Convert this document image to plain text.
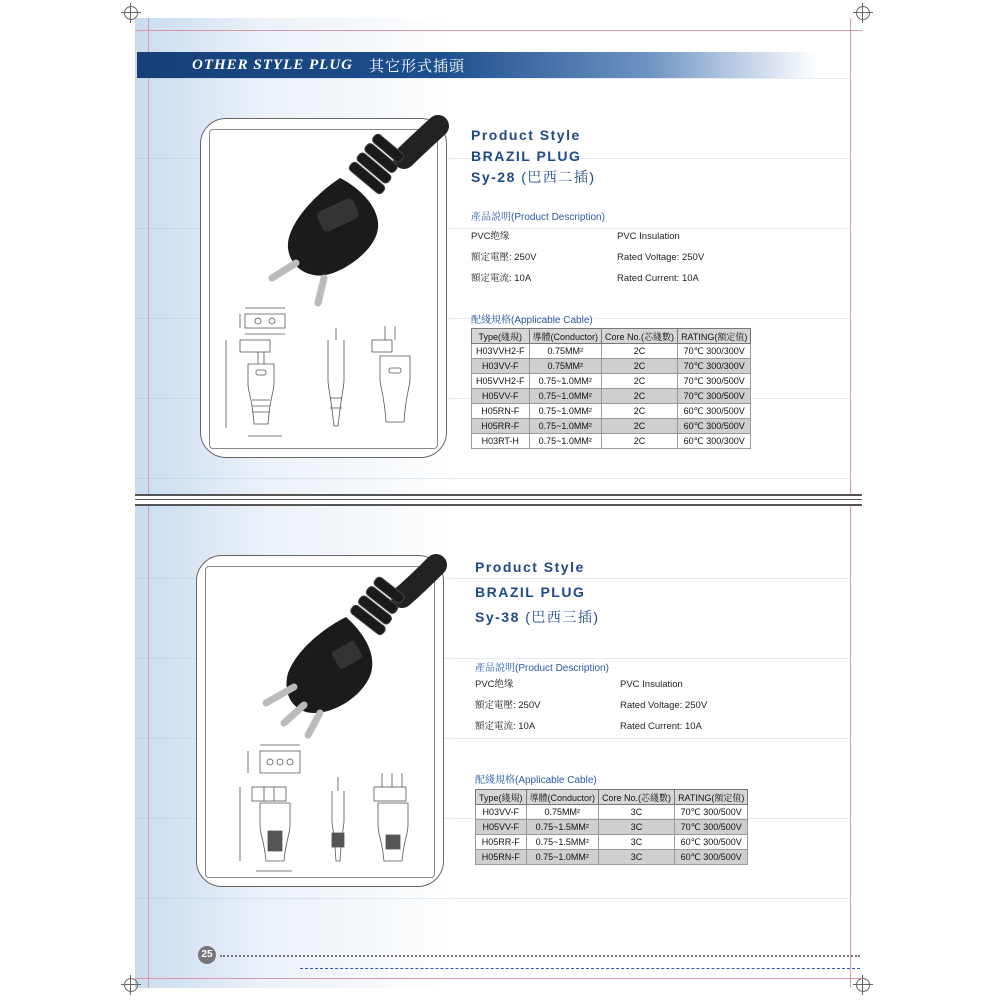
OTHER STYLE PLUG 其它形式插頭
Product Style
BRAZIL PLUG
Sy-28 (巴西二插)
產品説明(Product Description)
PVC绝缘	PVC Insulation
額定電壓: 250V	Rated Voltage: 250V
額定電流: 10A	Rated Current: 10A
配綫規格(Applicable Cable)
Type(綫規)	導體(Conductor)	Core No.(芯綫數)	RATING(額定值)
H03VVH2-F	0.75MM²	2C	70℃ 300/300V
H03VV-F	0.75MM²	2C	70℃ 300/300V
H05VVH2-F	0.75~1.0MM²	2C	70℃ 300/500V
H05VV-F	0.75~1.0MM²	2C	70℃ 300/500V
H05RN-F	0.75~1.0MM²	2C	60℃ 300/500V
H05RR-F	0.75~1.0MM²	2C	60℃ 300/500V
H03RT-H	0.75~1.0MM²	2C	60℃ 300/300V
Product Style
BRAZIL PLUG
Sy-38 (巴西三插)
產品説明(Product Description)
PVC绝缘	PVC Insulation
額定電壓: 250V	Rated Voltage: 250V
額定電流: 10A	Rated Current: 10A
配綫規格(Applicable Cable)
Type(綫規)	導體(Conductor)	Core No.(芯綫數)	RATING(額定值)
H03VV-F	0.75MM²	3C	70℃ 300/500V
H05VV-F	0.75~1.5MM²	3C	70℃ 300/500V
H05RR-F	0.75~1.5MM²	3C	60℃ 300/500V
H05RN-F	0.75~1.0MM²	3C	60℃ 300/500V
25
